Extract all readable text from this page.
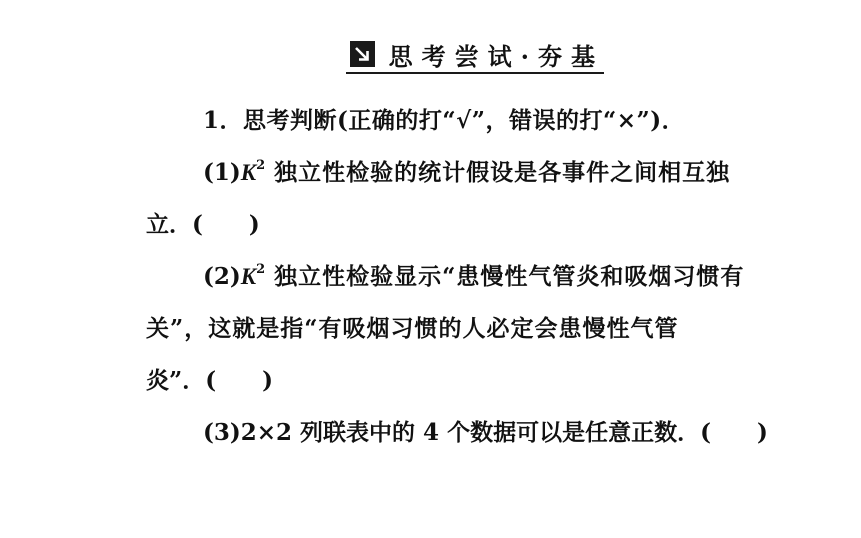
思考尝试·夯基
1．思考判断(正确的打“√”，错误的打“×”)．
$(1)K^2$ 独立性检验的统计假设是各事件之间相互独
立．(　　)
$(2)K^2$ 独立性检验显示“患慢性气管炎和吸烟习惯有
关”，这就是指“有吸烟习惯的人必定会患慢性气管
炎”．(　　)
(3)2×2 列联表中的 4 个数据可以是任意正数．(　　)
